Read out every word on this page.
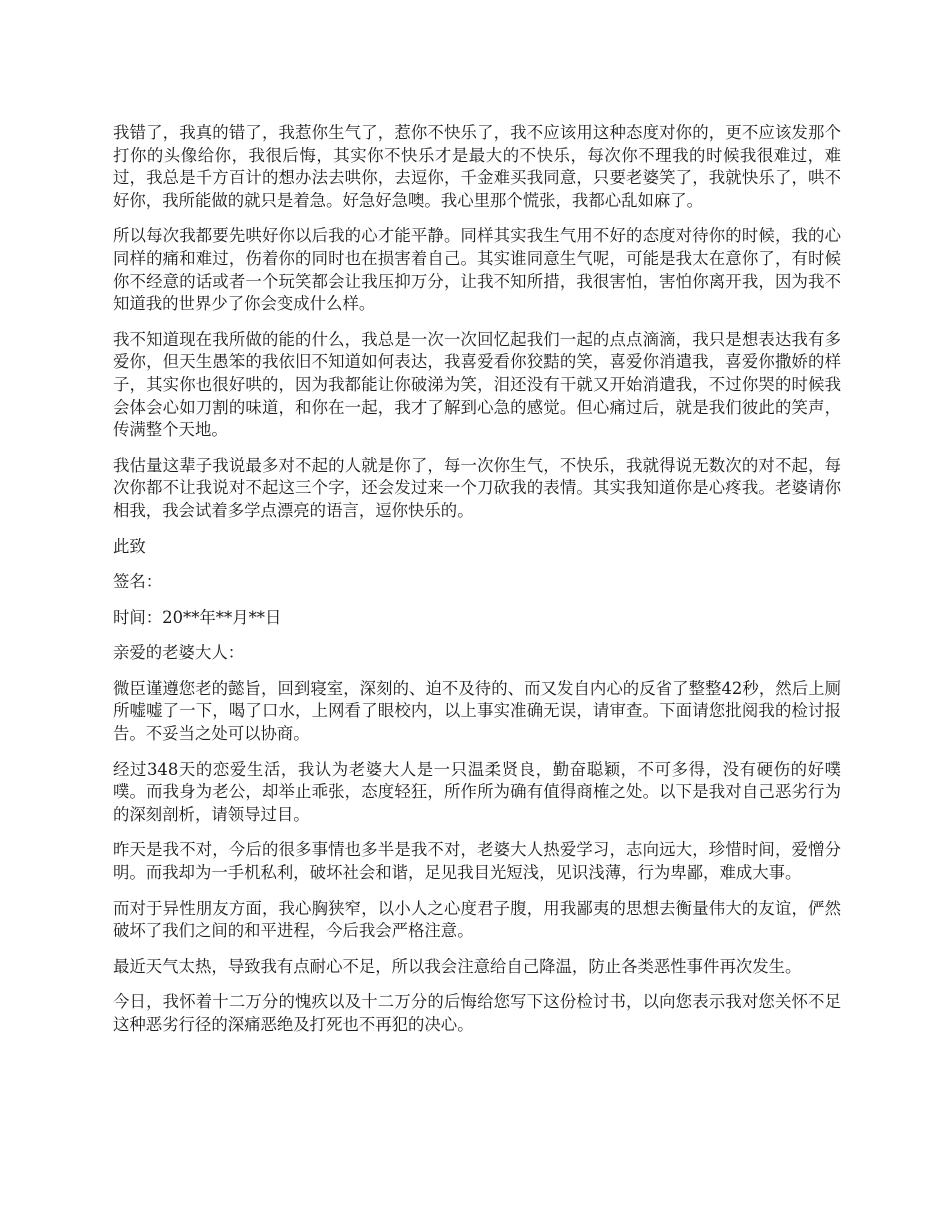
我错了，我真的错了，我惹你生气了，惹你不快乐了，我不应该用这种态度对你的，更不应该发那个打你的头像给你，我很后悔，其实你不快乐才是最大的不快乐，每次你不理我的时候我很难过，难过，我总是千方百计的想办法去哄你，去逗你，千金难买我同意，只要老婆笑了，我就快乐了，哄不好你，我所能做的就只是着急。好急好急噢。我心里那个慌张，我都心乱如麻了。

所以每次我都要先哄好你以后我的心才能平静。同样其实我生气用不好的态度对待你的时候，我的心同样的痛和难过，伤着你的同时也在损害着自己。其实谁同意生气呢，可能是我太在意你了，有时候你不经意的话或者一个玩笑都会让我压抑万分，让我不知所措，我很害怕，害怕你离开我，因为我不知道我的世界少了你会变成什么样。

我不知道现在我所做的能的什么，我总是一次一次回忆起我们一起的点点滴滴，我只是想表达我有多爱你，但天生愚笨的我依旧不知道如何表达，我喜爱看你狡黠的笑，喜爱你消遣我，喜爱你撒娇的样子，其实你也很好哄的，因为我都能让你破涕为笑，泪还没有干就又开始消遣我，不过你哭的时候我会体会心如刀割的味道，和你在一起，我才了解到心急的感觉。但心痛过后，就是我们彼此的笑声，传满整个天地。

我估量这辈子我说最多对不起的人就是你了，每一次你生气，不快乐，我就得说无数次的对不起，每次你都不让我说对不起这三个字，还会发过来一个刀砍我的表情。其实我知道你是心疼我。老婆请你相我，我会试着多学点漂亮的语言，逗你快乐的。

此致

签名：

时间：20**年**月**日

亲爱的老婆大人：

微臣谨遵您老的懿旨，回到寝室，深刻的、迫不及待的、而又发自内心的反省了整整42秒，然后上厕所嘘嘘了一下，喝了口水，上网看了眼校内，以上事实准确无误，请审查。下面请您批阅我的检讨报告。不妥当之处可以协商。

经过348天的恋爱生活，我认为老婆大人是一只温柔贤良，勤奋聪颖，不可多得，没有硬伤的好噗噗。而我身为老公，却举止乖张，态度轻狂，所作所为确有值得商榷之处。以下是我对自己恶劣行为的深刻剖析，请领导过目。

昨天是我不对，今后的很多事情也多半是我不对，老婆大人热爱学习，志向远大，珍惜时间，爱憎分明。而我却为一手机私利，破坏社会和谐，足见我目光短浅，见识浅薄，行为卑鄙，难成大事。

而对于异性朋友方面，我心胸狭窄，以小人之心度君子腹，用我鄙夷的思想去衡量伟大的友谊，俨然破坏了我们之间的和平进程，今后我会严格注意。

最近天气太热，导致我有点耐心不足，所以我会注意给自己降温，防止各类恶性事件再次发生。

今日，我怀着十二万分的愧疚以及十二万分的后悔给您写下这份检讨书，以向您表示我对您关怀不足这种恶劣行径的深痛恶绝及打死也不再犯的决心。
